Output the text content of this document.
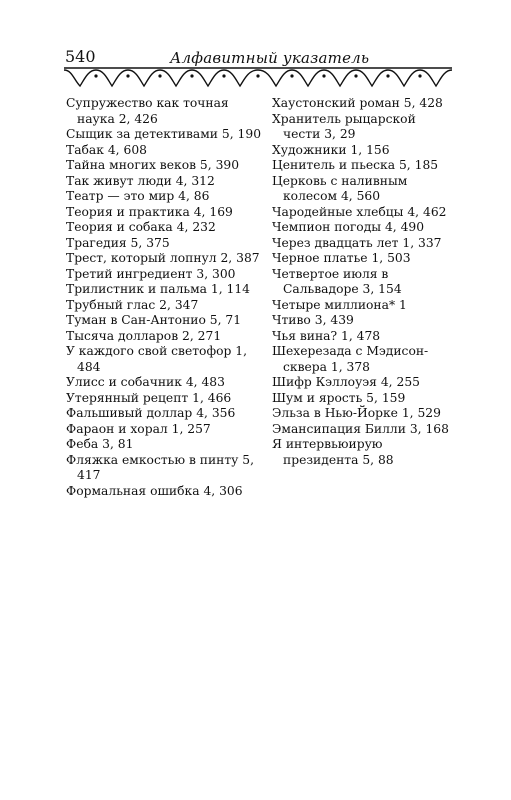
540	Алфавитный указатель

Супружество как точная наука 2, 426

Сыщик за детективами 5, 190

Табак 4, 608

Тайна многих веков 5, 390

Так живут люди 4, 312

Театр — это мир 4, 86

Теория и практика 4, 169

Теория и собака 4, 232

Трагедия 5, 375

Трест, который лопнул 2, 387

Третий ингредиент 3, 300

Трилистник и пальма 1, 114

Трубный глас 2, 347

Туман в Сан-Антонио 5, 71

Тысяча долларов 2, 271

У каждого свой светофор 1, 484

Улисс и собачник 4, 483

Утерянный рецепт 1, 466

Фальшивый доллар 4, 356

Фараон и хорал 1, 257

Феба 3, 81

Фляжка емкостью в пинту 5, 417

Формальная ошибка 4, 306

Хаустонский роман 5, 428

Хранитель рыцарской чести 3, 29

Художники 1, 156

Ценитель и пьеска 5, 185

Церковь с наливным колесом 4, 560

Чародейные хлебцы 4, 462

Чемпион погоды 4, 490

Через двадцать лет 1, 337

Черное платье 1, 503

Четвертое июля в Сальвадоре 3, 154

Четыре миллиона* 1

Чтиво 3, 439

Чья вина? 1, 478

Шехерезада с Мэдисон-сквера 1, 378

Шифр Кэллоуэя 4, 255

Шум и ярость 5, 159

Эльза в Нью-Йорке 1, 529

Эмансипация Билли 3, 168

Я интервьюирую президента 5, 88
